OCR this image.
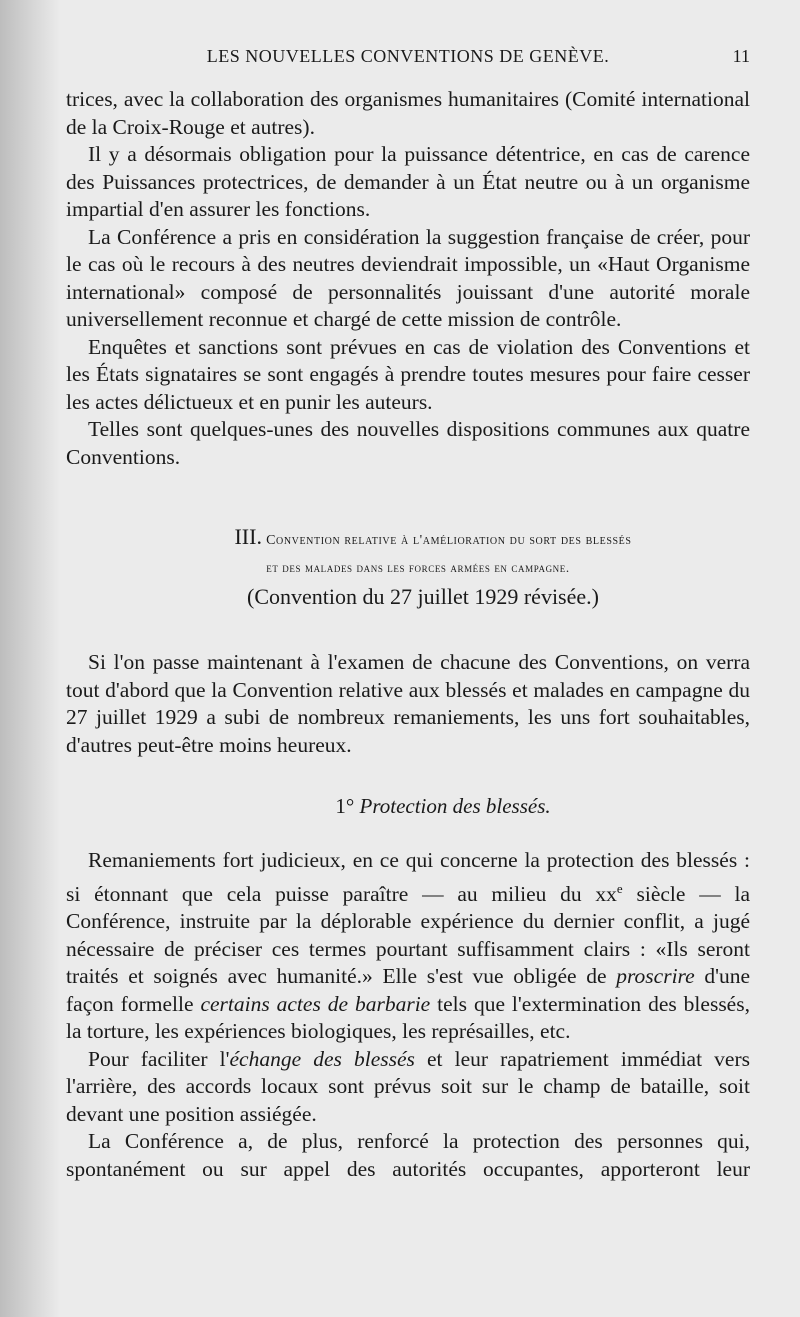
LES NOUVELLES CONVENTIONS DE GENÈVE.	11

trices, avec la collaboration des organismes humanitaires (Comité international de la Croix-Rouge et autres).

Il y a désormais obligation pour la puissance détentrice, en cas de carence des Puissances protectrices, de demander à un État neutre ou à un organisme impartial d'en assurer les fonctions.

La Conférence a pris en considération la suggestion française de créer, pour le cas où le recours à des neutres deviendrait impossible, un «Haut Organisme international» composé de personnalités jouissant d'une autorité morale universellement reconnue et chargé de cette mission de contrôle.

Enquêtes et sanctions sont prévues en cas de violation des Conventions et les États signataires se sont engagés à prendre toutes mesures pour faire cesser les actes délictueux et en punir les auteurs.

Telles sont quelques-unes des nouvelles dispositions communes aux quatre Conventions.

III. Convention relative à l'amélioration du sort des blessés
et des malades dans les forces armées en campagne.
(Convention du 27 juillet 1929 révisée.)

Si l'on passe maintenant à l'examen de chacune des Conventions, on verra tout d'abord que la Convention relative aux blessés et malades en campagne du 27 juillet 1929 a subi de nombreux remaniements, les uns fort souhaitables, d'autres peut-être moins heureux.

1° Protection des blessés.

Remaniements fort judicieux, en ce qui concerne la protection des blessés : si étonnant que cela puisse paraître — au milieu du $xx^e$ siècle — la Conférence, instruite par la déplorable expérience du dernier conflit, a jugé nécessaire de préciser ces termes pourtant suffisamment clairs : «Ils seront traités et soignés avec humanité.» Elle s'est vue obligée de proscrire d'une façon formelle certains actes de barbarie tels que l'extermination des blessés, la torture, les expériences biologiques, les représailles, etc.

Pour faciliter l'échange des blessés et leur rapatriement immédiat vers l'arrière, des accords locaux sont prévus soit sur le champ de bataille, soit devant une position assiégée.

La Conférence a, de plus, renforcé la protection des personnes qui, spontanément ou sur appel des autorités occupantes, apporteront leur
